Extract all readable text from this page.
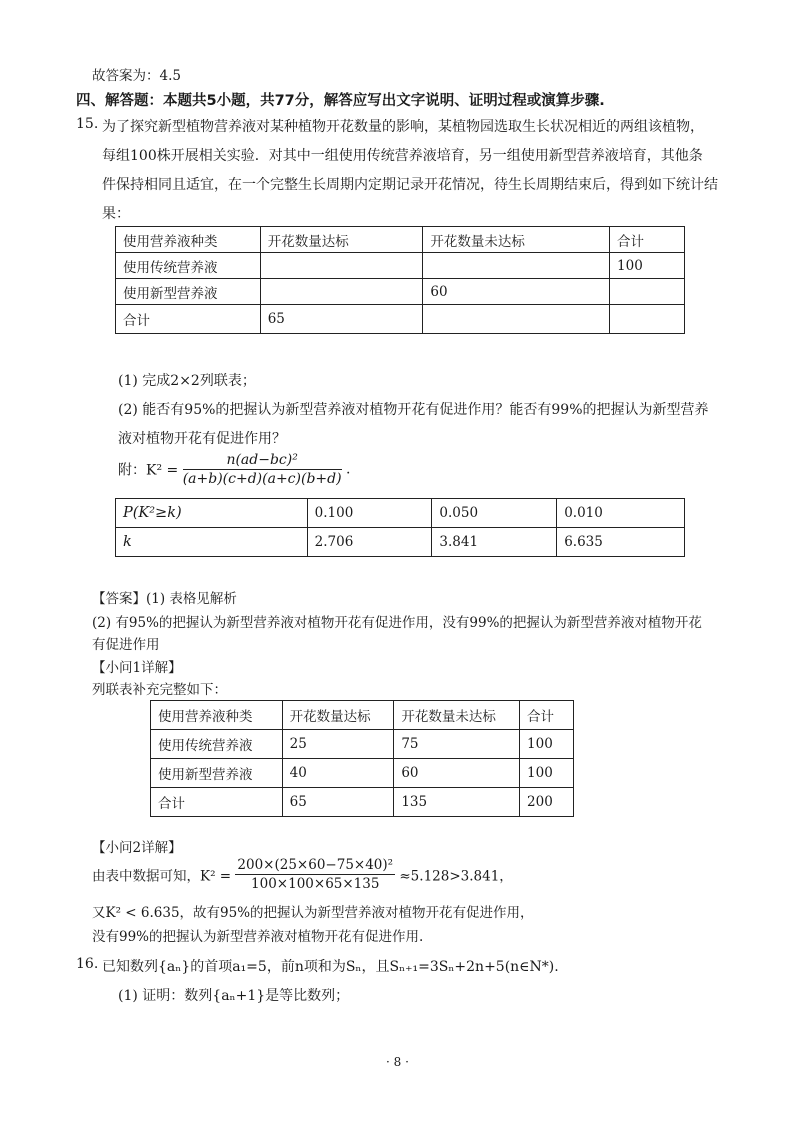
故答案为：4.5
四、解答题：本题共5小题，共77分，解答应写出文字说明、证明过程或演算步骤.
15. 为了探究新型植物营养液对某种植物开花数量的影响，某植物园选取生长状况相近的两组该植物，
每组100株开展相关实验．对其中一组使用传统营养液培育，另一组使用新型营养液培育，其他条
件保持相同且适宜，在一个完整生长周期内定期记录开花情况，待生长周期结束后，得到如下统计结
果：
使用营养液种类	开花数量达标	开花数量未达标	合计
使用传统营养液			100
使用新型营养液		60	
合计	65		
(1) 完成2×2列联表；
(2) 能否有95%的把握认为新型营养液对植物开花有促进作用？能否有99%的把握认为新型营养
液对植物开花有促进作用？
附：$K^2 = \frac{\text{n(ad−bc)²}}{(a+b)(c+d)(a+c)(b+d)}$ .
P(K²≥k)	0.100	0.050	0.010
k	2.706	3.841	6.635
【答案】(1) 表格见解析
(2) 有95%的把握认为新型营养液对植物开花有促进作用，没有99%的把握认为新型营养液对植物开花
有促进作用
【小问1详解】
列联表补充完整如下：
使用营养液种类	开花数量达标	开花数量未达标	合计
使用传统营养液	25	75	100
使用新型营养液	40	60	100
合计	65	135	200
【小问2详解】
由表中数据可知，$K^2 = \frac{\text{200×(25×60−75×40)²}}{100\times 100\times 65\times 135} \approx 5.128>3.841$，
又K² < 6.635，故有95%的把握认为新型营养液对植物开花有促进作用，
没有99%的把握认为新型营养液对植物开花有促进作用.
16. 已知数列{aₙ}的首项a₁=5，前n项和为Sₙ，且Sₙ₊₁=3Sₙ+2n+5(n∈N*).
(1) 证明：数列{aₙ+1}是等比数列；
· 8 ·
